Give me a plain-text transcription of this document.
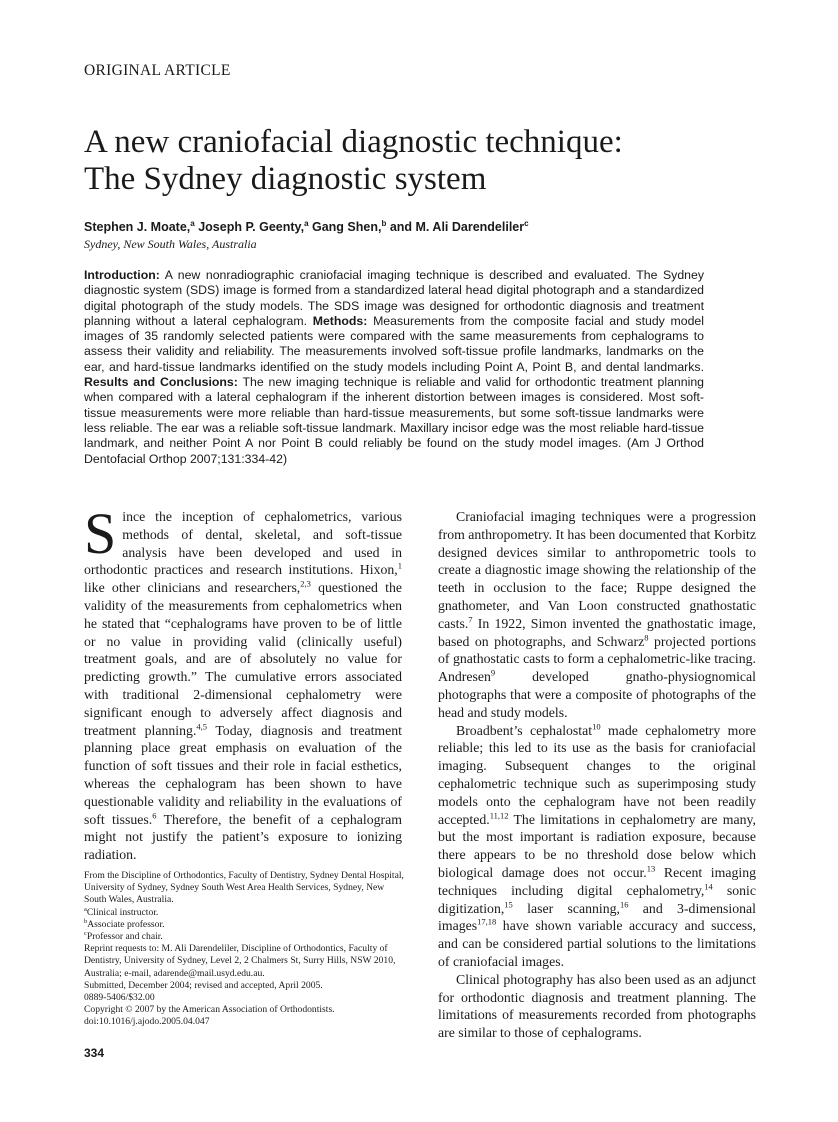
ORIGINAL ARTICLE
A new craniofacial diagnostic technique:
The Sydney diagnostic system
Stephen J. Moate,$^a$ Joseph P. Geenty,$^a$ Gang Shen,$^b$ and M. Ali Darendeliler$^c$
Sydney, New South Wales, Australia

Introduction: A new nonradiographic craniofacial imaging technique is described and evaluated. The Sydney diagnostic system (SDS) image is formed from a standardized lateral head digital photograph and a standardized digital photograph of the study models. The SDS image was designed for orthodontic diagnosis and treatment planning without a lateral cephalogram. Methods: Measurements from the composite facial and study model images of 35 randomly selected patients were compared with the same measurements from cephalograms to assess their validity and reliability. The measurements involved soft-tissue profile landmarks, landmarks on the ear, and hard-tissue landmarks identified on the study models including Point A, Point B, and dental landmarks. Results and Conclusions: The new imaging technique is reliable and valid for orthodontic treatment planning when compared with a lateral cephalogram if the inherent distortion between images is considered. Most soft-tissue measurements were more reliable than hard-tissue measurements, but some soft-tissue landmarks were less reliable. The ear was a reliable soft-tissue landmark. Maxillary incisor edge was the most reliable hard-tissue landmark, and neither Point A nor Point B could reliably be found on the study model images. (Am J Orthod Dentofacial Orthop 2007;131:334-42)

Since the inception of cephalometrics, various methods of dental, skeletal, and soft-tissue analysis have been developed and used in orthodontic practices and research institutions. Hixon,$^1$ like other clinicians and researchers,$^{2,3}$ questioned the validity of the measurements from cephalometrics when he stated that “cephalograms have proven to be of little or no value in providing valid (clinically useful) treatment goals, and are of absolutely no value for predicting growth.” The cumulative errors associated with traditional 2-dimensional cephalometry were significant enough to adversely affect diagnosis and treatment planning.$^{4,5}$ Today, diagnosis and treatment planning place great emphasis on evaluation of the function of soft tissues and their role in facial esthetics, whereas the cephalogram has been shown to have questionable validity and reliability in the evaluations of soft tissues.$^6$ Therefore, the benefit of a cephalogram might not justify the patient’s exposure to ionizing radiation.

From the Discipline of Orthodontics, Faculty of Dentistry, Sydney Dental Hospital, University of Sydney, Sydney South West Area Health Services, Sydney, New South Wales, Australia.
$^a$Clinical instructor.
$^b$Associate professor.
$^c$Professor and chair.
Reprint requests to: M. Ali Darendeliler, Discipline of Orthodontics, Faculty of Dentistry, University of Sydney, Level 2, 2 Chalmers St, Surry Hills, NSW 2010, Australia; e-mail, adarende@mail.usyd.edu.au.
Submitted, December 2004; revised and accepted, April 2005.
0889-5406/$32.00
Copyright © 2007 by the American Association of Orthodontists.
doi:10.1016/j.ajodo.2005.04.047
334

Craniofacial imaging techniques were a progression from anthropometry. It has been documented that Korbitz designed devices similar to anthropometric tools to create a diagnostic image showing the relationship of the teeth in occlusion to the face; Ruppe designed the gnathometer, and Van Loon constructed gnathostatic casts.$^7$ In 1922, Simon invented the gnathostatic image, based on photographs, and Schwarz$^8$ projected portions of gnathostatic casts to form a cephalometric-like tracing. Andresen$^9$ developed gnatho-physiognomical photographs that were a composite of photographs of the head and study models.

Broadbent’s cephalostat$^{10}$ made cephalometry more reliable; this led to its use as the basis for craniofacial imaging. Subsequent changes to the original cephalometric technique such as superimposing study models onto the cephalogram have not been readily accepted.$^{11,12}$ The limitations in cephalometry are many, but the most important is radiation exposure, because there appears to be no threshold dose below which biological damage does not occur.$^{13}$ Recent imaging techniques including digital cephalometry,$^{14}$ sonic digitization,$^{15}$ laser scanning,$^{16}$ and 3-dimensional images$^{17,18}$ have shown variable accuracy and success, and can be considered partial solutions to the limitations of craniofacial images.

Clinical photography has also been used as an adjunct for orthodontic diagnosis and treatment planning. The limitations of measurements recorded from photographs are similar to those of cephalograms.
